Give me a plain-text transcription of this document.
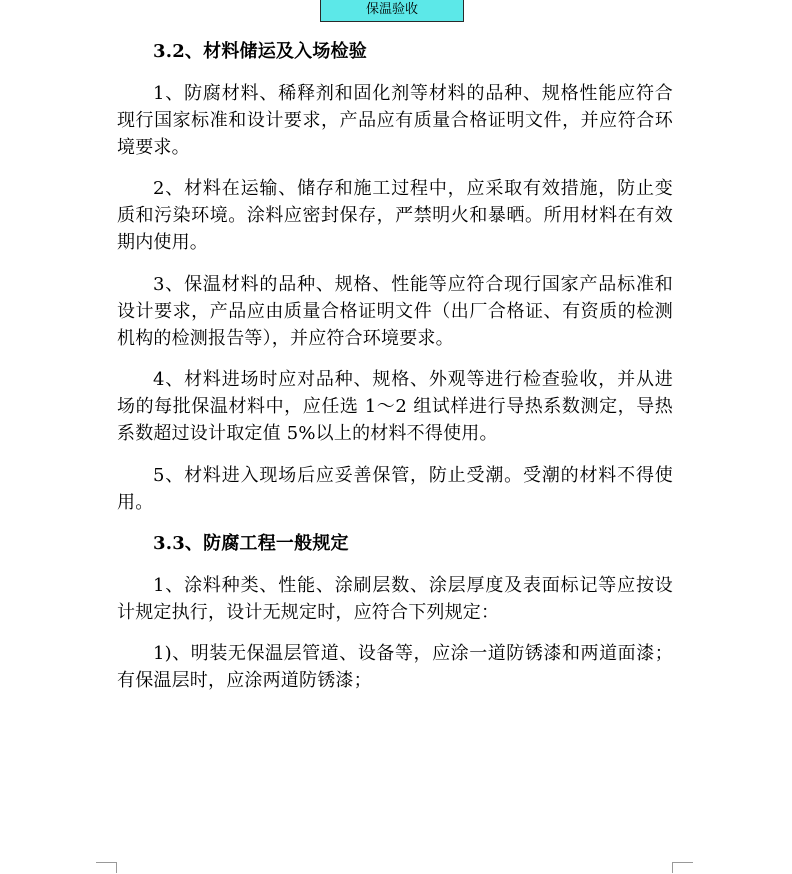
保温验收
3.2、材料储运及入场检验
1、防腐材料、稀释剂和固化剂等材料的品种、规格性能应符合
现行国家标准和设计要求，产品应有质量合格证明文件，并应符合环
境要求。
2、材料在运输、储存和施工过程中，应采取有效措施，防止变
质和污染环境。涂料应密封保存，严禁明火和暴晒。所用材料在有效
期内使用。
3、保温材料的品种、规格、性能等应符合现行国家产品标准和
设计要求，产品应由质量合格证明文件（出厂合格证、有资质的检测
机构的检测报告等），并应符合环境要求。
4、材料进场时应对品种、规格、外观等进行检查验收，并从进
场的每批保温材料中，应任选 1～2 组试样进行导热系数测定，导热
系数超过设计取定值 5%以上的材料不得使用。
5、材料进入现场后应妥善保管，防止受潮。受潮的材料不得使
用。
3.3、防腐工程一般规定
1、涂料种类、性能、涂刷层数、涂层厚度及表面标记等应按设
计规定执行，设计无规定时，应符合下列规定：
1)、明装无保温层管道、设备等，应涂一道防锈漆和两道面漆；
有保温层时，应涂两道防锈漆；
